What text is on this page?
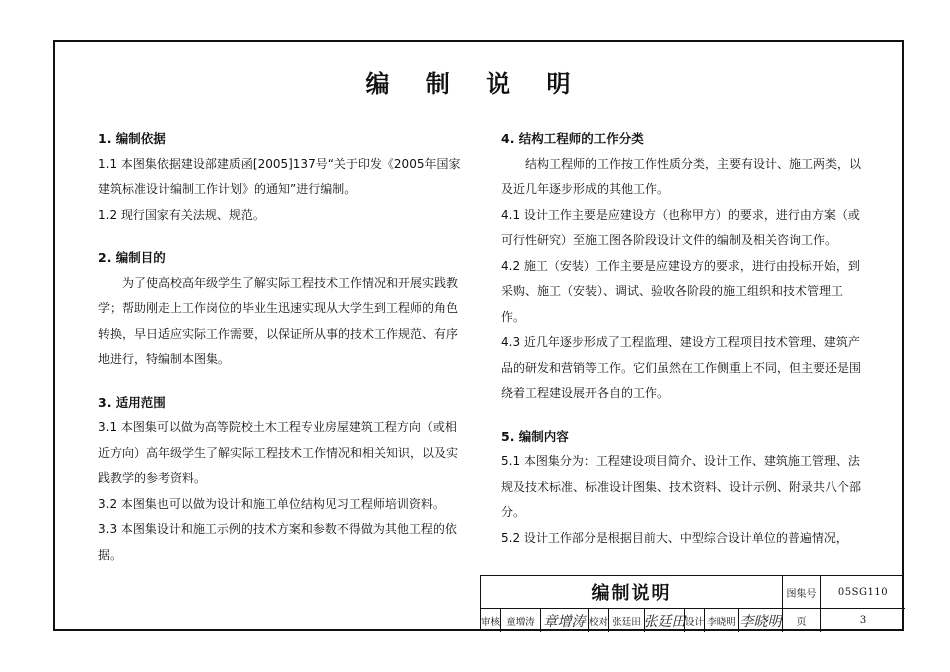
编 制 说 明

1. 编制依据

1.1 本图集依据建设部建质函[2005]137号“关于印发《2005年国家建筑标准设计编制工作计划》的通知”进行编制。

1.2 现行国家有关法规、规范。

2. 编制目的

为了使高校高年级学生了解实际工程技术工作情况和开展实践教学；帮助刚走上工作岗位的毕业生迅速实现从大学生到工程师的角色转换，早日适应实际工作需要，以保证所从事的技术工作规范、有序地进行，特编制本图集。

3. 适用范围

3.1 本图集可以做为高等院校土木工程专业房屋建筑工程方向（或相近方向）高年级学生了解实际工程技术工作情况和相关知识，以及实践教学的参考资料。

3.2 本图集也可以做为设计和施工单位结构见习工程师培训资料。

3.3 本图集设计和施工示例的技术方案和参数不得做为其他工程的依据。

4. 结构工程师的工作分类

结构工程师的工作按工作性质分类，主要有设计、施工两类，以及近几年逐步形成的其他工作。

4.1 设计工作主要是应建设方（也称甲方）的要求，进行由方案（或可行性研究）至施工图各阶段设计文件的编制及相关咨询工作。

4.2 施工（安装）工作主要是应建设方的要求，进行由投标开始，到采购、施工（安装）、调试、验收各阶段的施工组织和技术管理工作。

4.3 近几年逐步形成了工程监理、建设方工程项目技术管理、建筑产品的研发和营销等工作。它们虽然在工作侧重上不同，但主要还是围绕着工程建设展开各自的工作。

5. 编制内容

5.1 本图集分为：工程建设项目简介、设计工作、建筑施工管理、法规及技术标准、标准设计图集、技术资料、设计示例、附录共八个部分。

5.2 设计工作部分是根据目前大、中型综合设计单位的普遍情况，

编制说明	图集号	05SG110
审核 童増涛 章增涛 校对 张廷田 张廷田 设计 李晓明 李晓明	页	3
